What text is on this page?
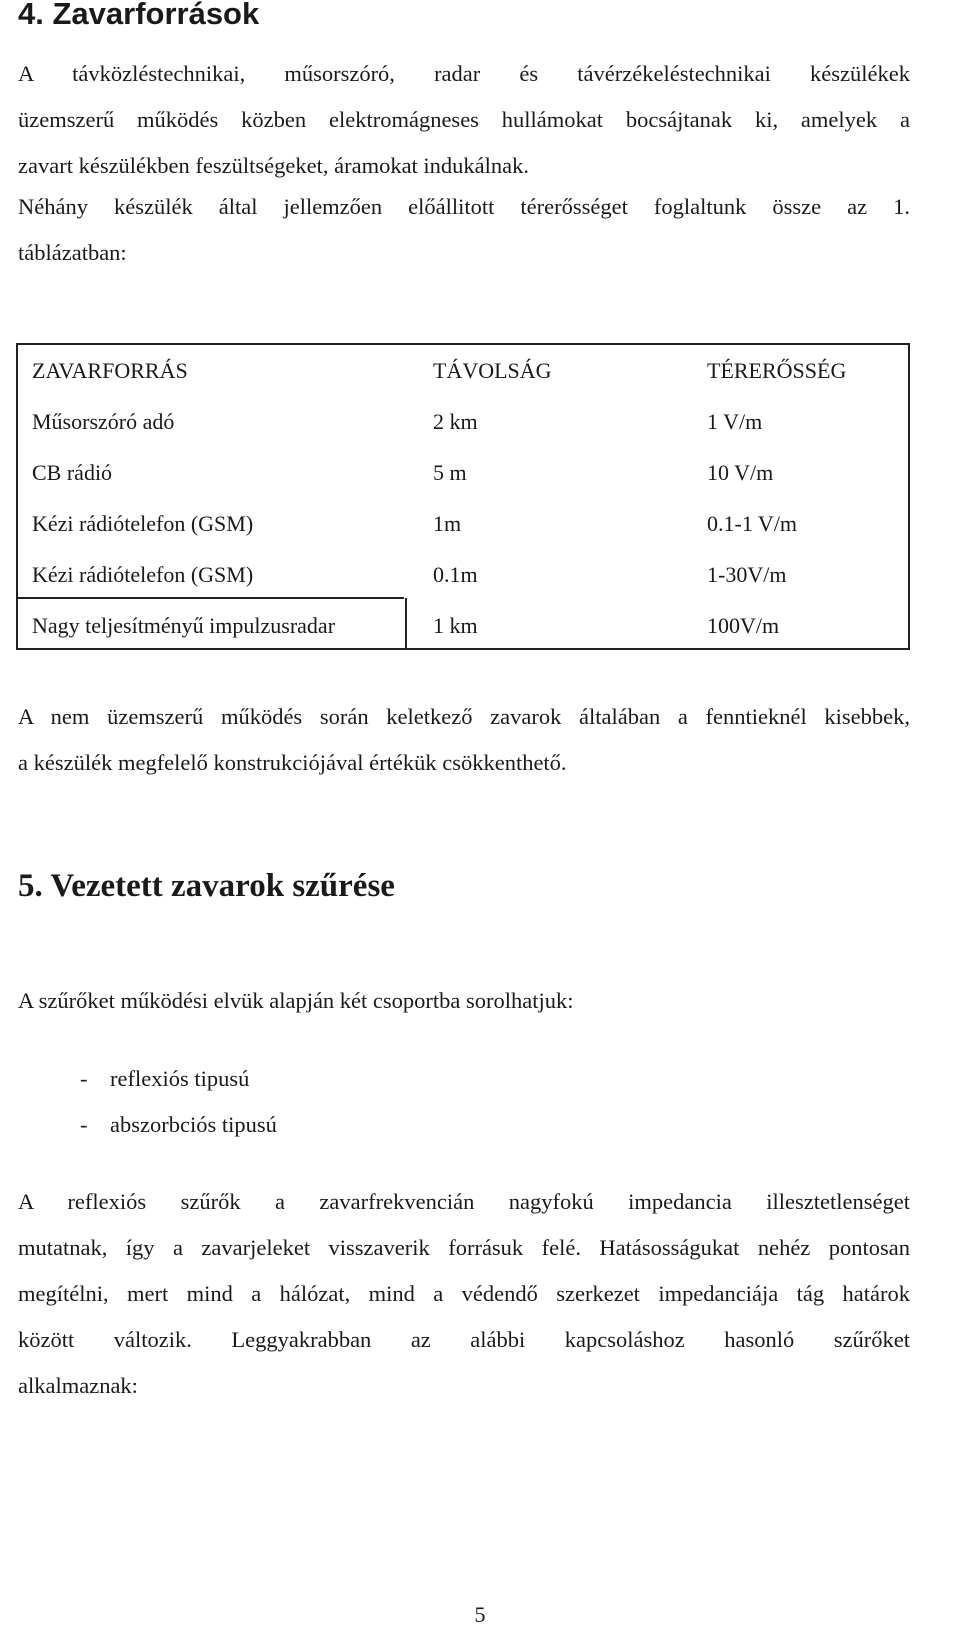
4. Zavarforrások

A távközléstechnikai, műsorszóró, radar és távérzékeléstechnikai készülékek
üzemszerű működés közben elektromágneses hullámokat bocsájtanak ki, amelyek a
zavart készülékben feszültségeket, áramokat indukálnak.

Néhány készülék által jellemzően előállitott térerősséget foglaltunk össze az 1.
táblázatban:

ZAVARFORRÁS	TÁVOLSÁG	TÉRERŐSSÉG
Műsorszóró adó	2 km	1 V/m
CB rádió	5 m	10 V/m
Kézi rádiótelefon (GSM)	1m	0.1-1 V/m
Kézi rádiótelefon (GSM)	0.1m	1-30V/m
Nagy teljesítményű impulzusradar	1 km	100V/m

A nem üzemszerű működés során keletkező zavarok általában a fenntieknél kisebbek,
a készülék megfelelő konstrukciójával értékük csökkenthető.

5. Vezetett zavarok szűrése

A szűrőket működési elvük alapján két csoportba sorolhatjuk:

- reflexiós tipusú
- abszorbciós tipusú

A reflexiós szűrők a zavarfrekvencián nagyfokú impedancia illesztetlenséget
mutatnak, így a zavarjeleket visszaverik forrásuk felé. Hatásosságukat nehéz pontosan
megítélni, mert mind a hálózat, mind a védendő szerkezet impedanciája tág határok
között változik. Leggyakrabban az alábbi kapcsoláshoz hasonló szűrőket
alkalmaznak:

5
